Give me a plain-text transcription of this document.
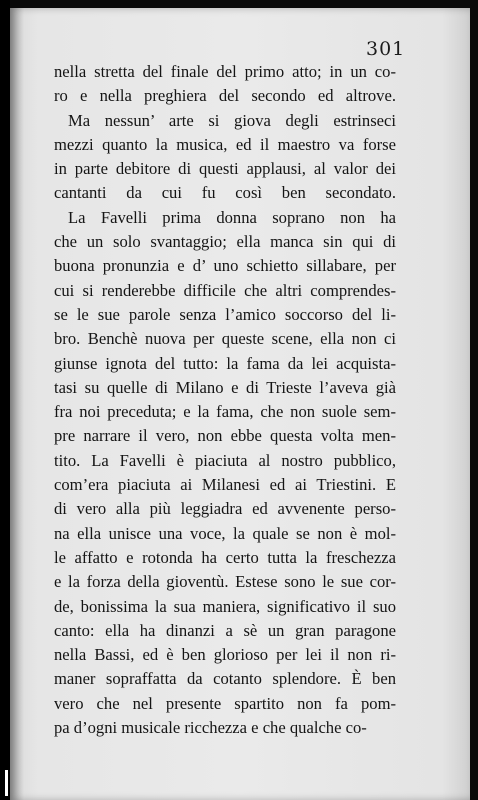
301
nella stretta del finale del primo atto; in un co-
ro e nella preghiera del secondo ed altrove.
Ma nessun’ arte si giova degli estrinseci
mezzi quanto la musica, ed il maestro va forse
in parte debitore di questi applausi, al valor dei
cantanti da cui fu così ben secondato.
La Favelli prima donna soprano non ha
che un solo svantaggio; ella manca sin qui di
buona pronunzia e d’ uno schietto sillabare, per
cui si renderebbe difficile che altri comprendes-
se le sue parole senza l’amico soccorso del li-
bro. Benchè nuova per queste scene, ella non ci
giunse ignota del tutto: la fama da lei acquista-
tasi su quelle di Milano e di Trieste l’aveva già
fra noi preceduta; e la fama, che non suole sem-
pre narrare il vero, non ebbe questa volta men-
tito. La Favelli è piaciuta al nostro pubblico,
com’era piaciuta ai Milanesi ed ai Triestini. E
di vero alla più leggiadra ed avvenente perso-
na ella unisce una voce, la quale se non è mol-
le affatto e rotonda ha certo tutta la freschezza
e la forza della gioventù. Estese sono le sue cor-
de, bonissima la sua maniera, significativo il suo
canto: ella ha dinanzi a sè un gran paragone
nella Bassi, ed è ben glorioso per lei il non ri-
maner sopraffatta da cotanto splendore. È ben
vero che nel presente spartito non fa pom-
pa d’ogni musicale ricchezza e che qualche co-
